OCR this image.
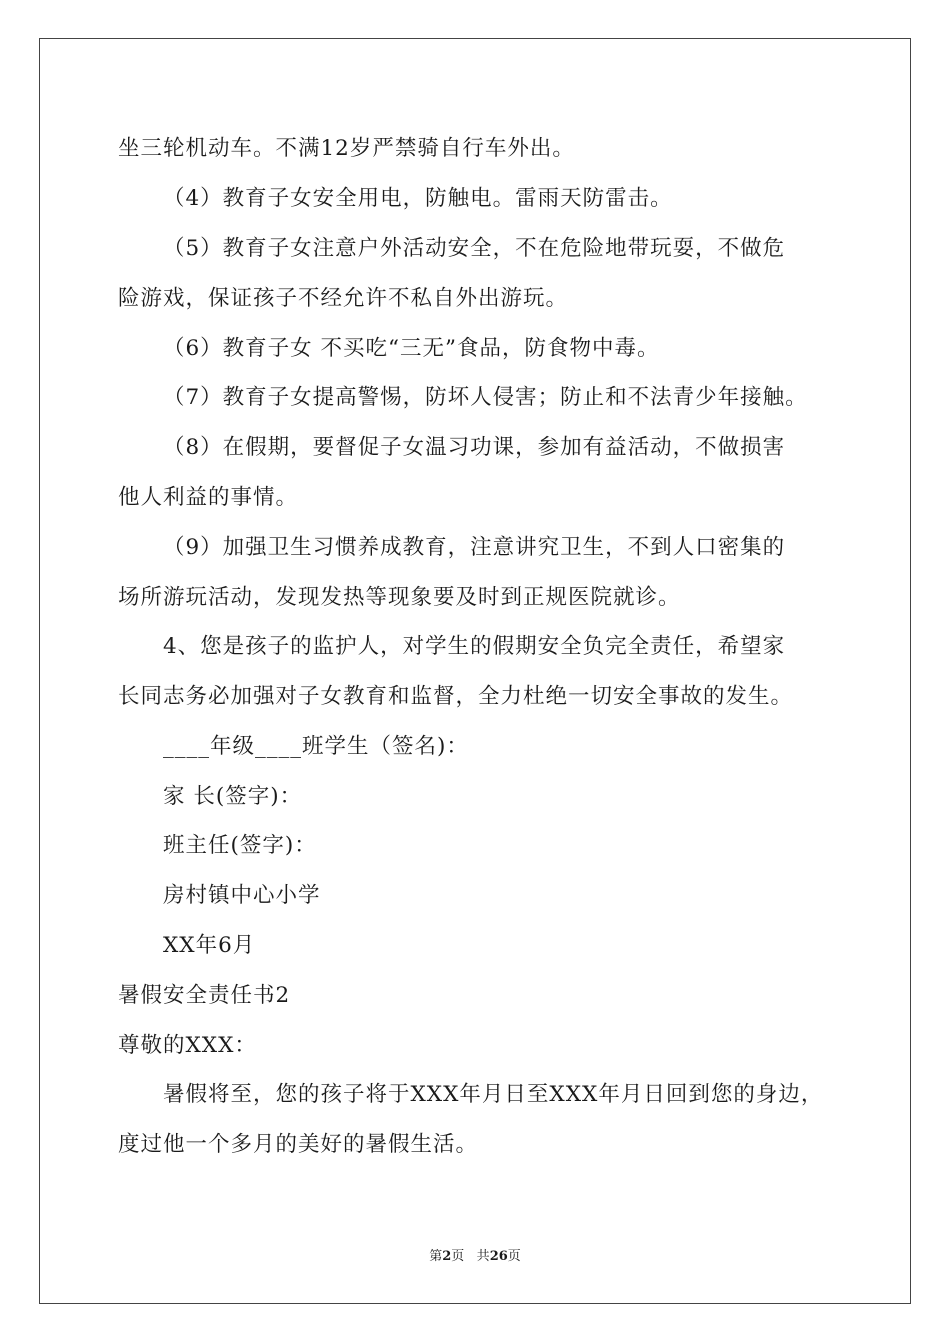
坐三轮机动车。不满12岁严禁骑自行车外出。
（4）教育子女安全用电，防触电。雷雨天防雷击。
（5）教育子女注意户外活动安全，不在危险地带玩耍，不做危
险游戏，保证孩子不经允许不私自外出游玩。
（6）教育子女 不买吃“三无”食品，防食物中毒。
（7）教育子女提高警惕，防坏人侵害；防止和不法青少年接触。
（8）在假期，要督促子女温习功课，参加有益活动，不做损害
他人利益的事情。
（9）加强卫生习惯养成教育，注意讲究卫生，不到人口密集的
场所游玩活动，发现发热等现象要及时到正规医院就诊。
4、您是孩子的监护人，对学生的假期安全负完全责任，希望家
长同志务必加强对子女教育和监督，全力杜绝一切安全事故的发生。
____年级____班学生（签名)：
家 长(签字)：
班主任(签字)：
房村镇中心小学
XX年6月
暑假安全责任书2
尊敬的XXX：
暑假将至，您的孩子将于XXX年月日至XXX年月日回到您的身边，
度过他一个多月的美好的暑假生活。
第2页 共26页
